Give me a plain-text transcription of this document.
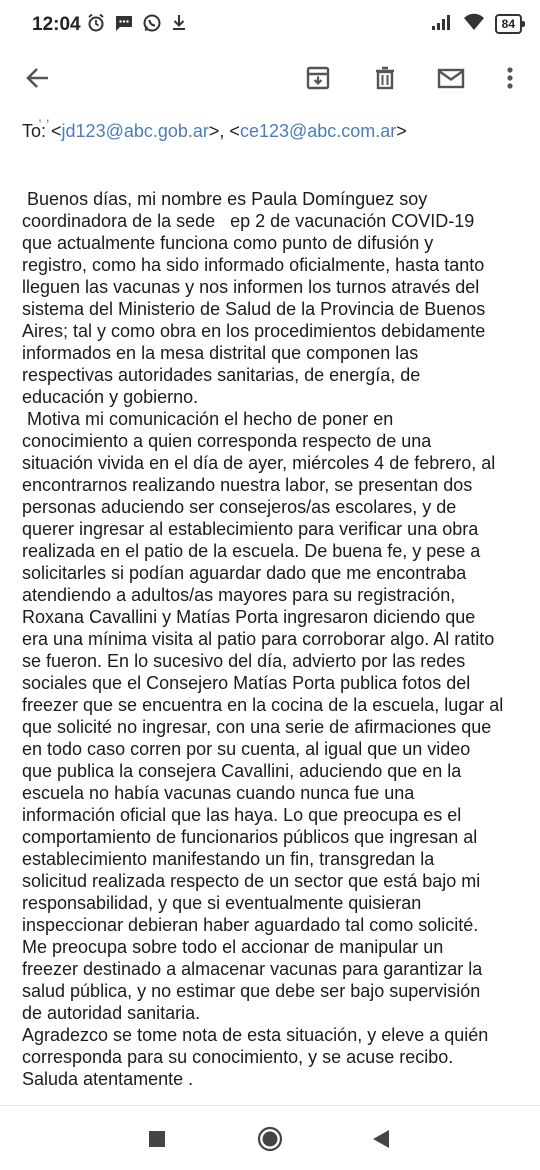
12:04	84
, ,
To: <jd123@abc.gob.ar>, <ce123@abc.com.ar>

Buenos días, mi nombre es Paula Domínguez soy
coordinadora de la sede   ep 2 de vacunación COVID-19
que actualmente funciona como punto de difusión y
registro, como ha sido informado oficialmente, hasta tanto
lleguen las vacunas y nos informen los turnos através del
sistema del Ministerio de Salud de la Provincia de Buenos
Aires; tal y como obra en los procedimientos debidamente
informados en la mesa distrital que componen las
respectivas autoridades sanitarias, de energía, de
educación y gobierno.

Motiva mi comunicación el hecho de poner en
conocimiento a quien corresponda respecto de una
situación vivida en el día de ayer, miércoles 4 de febrero, al
encontrarnos realizando nuestra labor, se presentan dos
personas aduciendo ser consejeros/as escolares, y de
querer ingresar al establecimiento para verificar una obra
realizada en el patio de la escuela. De buena fe, y pese a
solicitarles si podían aguardar dado que me encontraba
atendiendo a adultos/as mayores para su registración,
Roxana Cavallini y Matías Porta ingresaron diciendo que
era una mínima visita al patio para corroborar algo. Al ratito
se fueron. En lo sucesivo del día, advierto por las redes
sociales que el Consejero Matías Porta publica fotos del
freezer que se encuentra en la cocina de la escuela, lugar al
que solicité no ingresar, con una serie de afirmaciones que
en todo caso corren por su cuenta, al igual que un video
que publica la consejera Cavallini, aduciendo que en la
escuela no había vacunas cuando nunca fue una
información oficial que las haya. Lo que preocupa es el
comportamiento de funcionarios públicos que ingresan al
establecimiento manifestando un fin, transgredan la
solicitud realizada respecto de un sector que está bajo mi
responsabilidad, y que si eventualmente quisieran
inspeccionar debieran haber aguardado tal como solicité.
Me preocupa sobre todo el accionar de manipular un
freezer destinado a almacenar vacunas para garantizar la
salud pública, y no estimar que debe ser bajo supervisión
de autoridad sanitaria.

Agradezco se tome nota de esta situación, y eleve a quién
corresponda para su conocimiento, y se acuse recibo.
Saluda atentamente .
